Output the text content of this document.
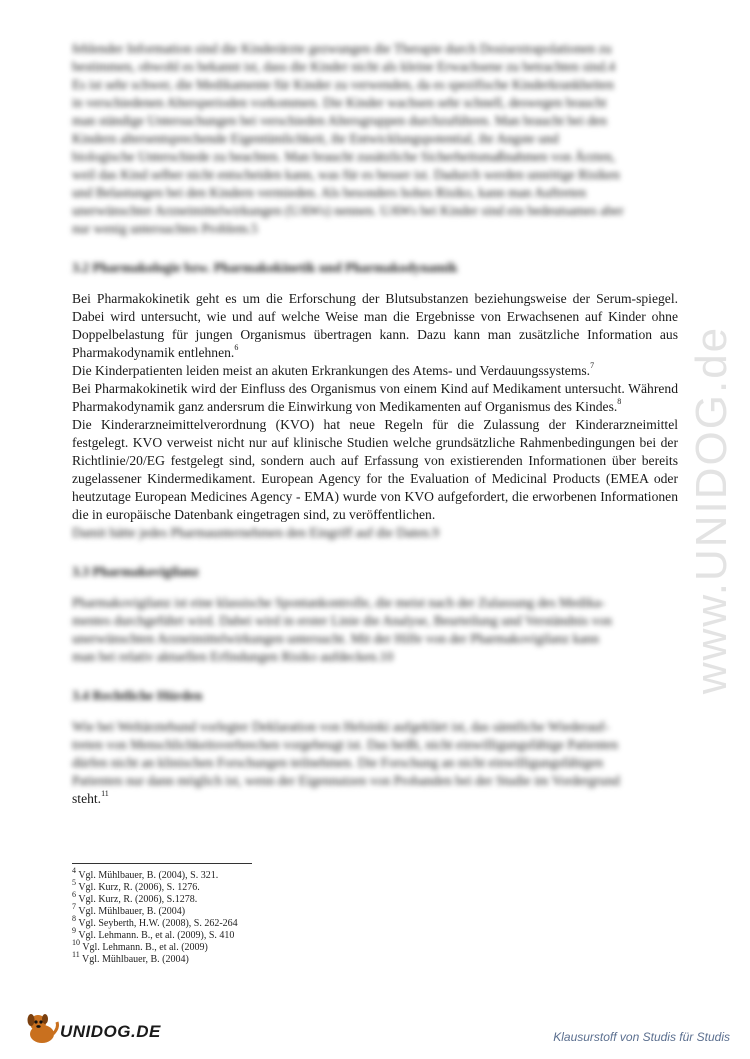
www.UNIDOG.de

fehlender Information sind die Kinderärzte gezwungen die Therapie durch Dosisextrapolationen zu

bestimmen, obwohl es bekannt ist, dass die Kinder nicht als kleine Erwachsene zu betrachten sind.4

Es ist sehr schwer, die Medikamente für Kinder zu verwenden, da es spezifische Kinderkrankheiten

in verschiedenen Altersperioden vorkommen. Die Kinder wachsen sehr schnell, deswegen braucht

man ständige Untersuchungen bei verschieden Altersgruppen durchzuführen. Man braucht bei den

Kindern altersentsprechende Eigentümlichkeit, ihr Entwicklungspotential, ihr Angste und

biologische Unterschiede zu beachten. Man braucht zusätzliche Sicherheitsmaßnahmen von Ärzten,

weil das Kind selber nicht entscheiden kann, was für es besser ist. Dadurch werden unnötige Risiken

und Belastungen bei den Kindern vermieden. Als besonders hohes Risiko, kann man Auftreten

unerwünschter Arzneimittelwirkungen (UAWs) nennen. UAWs bei Kinder sind ein bedeutsames aber

nur wenig untersuchtes Problem.5

3.2 Pharmakologie bzw. Pharmakokinetik und Pharmakodynamik

Bei Pharmakokinetik geht es um die Erforschung der Blutsubstanzen beziehungsweise der Serum-spiegel. Dabei wird untersucht, wie und auf welche Weise man die Ergebnisse von Erwachsenen auf Kinder ohne Doppelbelastung für jungen Organismus übertragen kann. Dazu kann man zusätzliche Information aus Pharmakodynamik entlehnen.$^6$

Die Kinderpatienten leiden meist an akuten Erkrankungen des Atems- und Verdauungssystems.$^7$

Bei Pharmakokinetik wird der Einfluss des Organismus von einem Kind auf Medikament untersucht. Während Pharmakodynamik ganz andersrum die Einwirkung von Medikamenten auf Organismus des Kindes.$^8$

Die Kinderarzneimittelverordnung (KVO) hat neue Regeln für die Zulassung der Kinderarzneimittel festgelegt. KVO verweist nicht nur auf klinische Studien welche grundsätzliche Rahmenbedingungen bei der Richtlinie/20/EG festgelegt sind, sondern auch auf Erfassung von existierenden Informationen über bereits zugelassener Kindermedikament. European Agency for the Evaluation of Medicinal Products (EMEA oder heutzutage European Medicines Agency - EMA) wurde von KVO aufgefordert, die erworbenen Informationen die in europäische Datenbank eingetragen sind, zu veröffentlichen.

Damit hätte jedes Pharmaunternehmen den Eingriff auf die Daten.9

3.3 Pharmakovigilanz

Pharmakovigilanz ist eine klassische Spontankontrolle, die meist nach der Zulassung des Medika-

mentes durchgeführt wird. Dabei wird in erster Linie die Analyse, Beurteilung und Verständnis von

unerwünschten Arzneimittelwirkungen untersucht. Mit der Hilfe von der Pharmakovigilanz kann

man bei relativ aktuellen Erfindungen Risiko aufdecken.10

3.4 Rechtliche Hürden

Wie bei Weltärztebund vorlegter Deklaration von Helsinki aufgeklärt ist, das sämtliche Wiederauf-

treten von Menschlichkeitsverbrechen vorgebeugt ist. Das heißt, nicht einwilligungsfähige Patienten

dürfen nicht an klinischen Forschungen teilnehmen. Die Forschung an nicht einwilligungsfähigen

Patienten nur dann möglich ist, wenn der Eigennutzen von Probanden bei der Studie im Vordergrund

steht.$^{11}$

$^4$ Vgl. Mühlbauer, B. (2004), S. 321.

$^5$ Vgl. Kurz, R. (2006), S. 1276.

$^6$ Vgl. Kurz, R. (2006), S.1278.

$^7$ Vgl. Mühlbauer, B. (2004)

$^8$ Vgl. Seyberth, H.W. (2008), S. 262-264

$^9$ Vgl. Lehmann. B., et al. (2009), S. 410

$^{10}$ Vgl. Lehmann. B., et al. (2009)

$^{11}$ Vgl. Mühlbauer, B. (2004)

UNIDOG.DE	Klausurstoff von Studis für Studis
